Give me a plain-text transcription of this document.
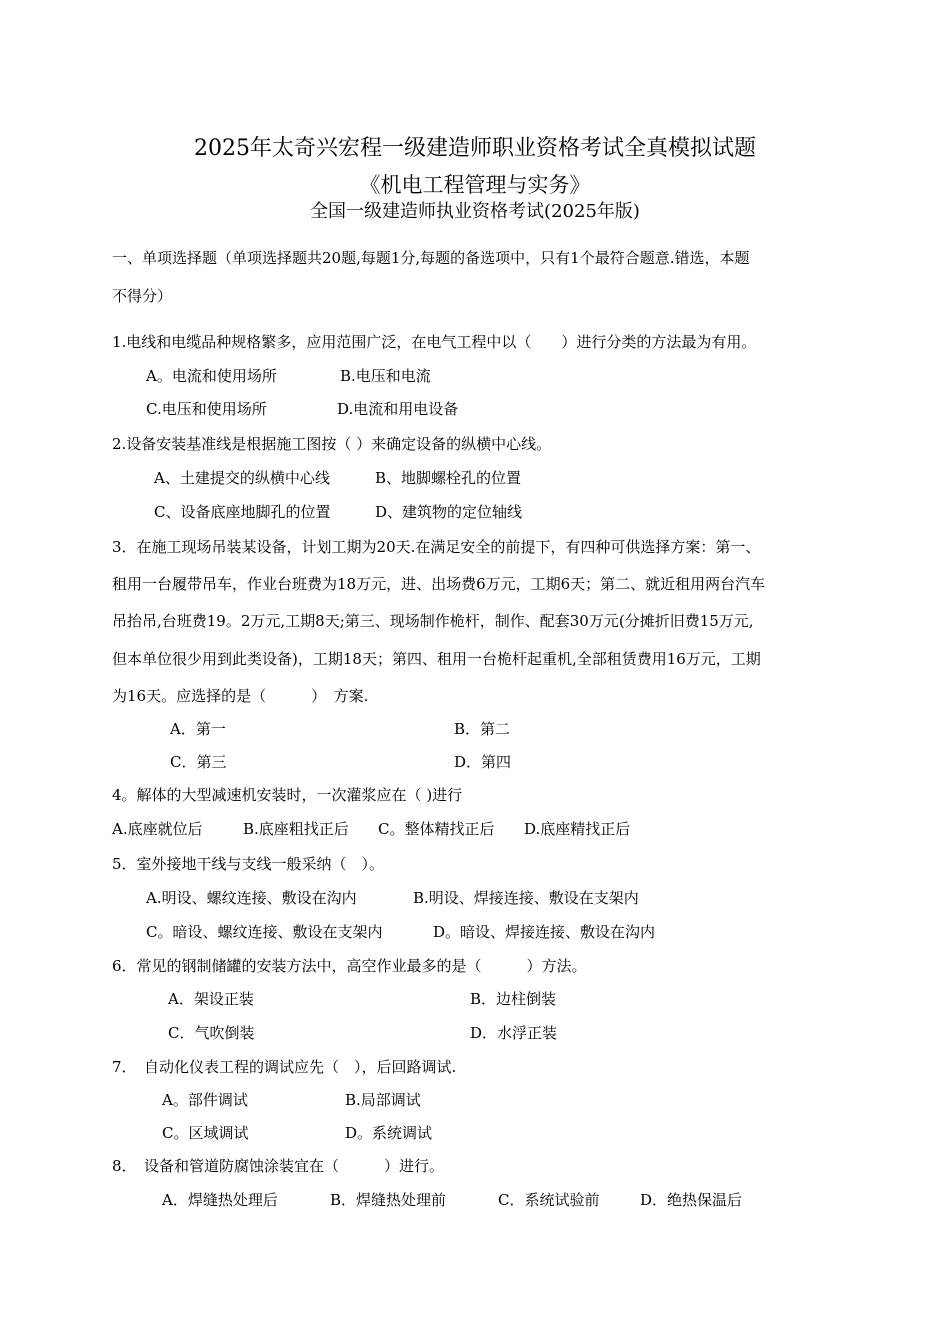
2025年太奇兴宏程一级建造师职业资格考试全真模拟试题
《机电工程管理与实务》
全国一级建造师执业资格考试(2025年版)
一、单项选择题（单项选择题共20题,每题1分,每题的备选项中，只有1个最符合题意.错选，本题
不得分）
1.电线和电缆品种规格繁多，应用范围广泛，在电气工程中以（　　）进行分类的方法最为有用。
A。电流和使用场所	B.电压和电流
C.电压和使用场所	D.电流和用电设备
2.设备安装基准线是根据施工图按（ ）来确定设备的纵横中心线。
A、土建提交的纵横中心线	B、地脚螺栓孔的位置
C、设备底座地脚孔的位置	D、建筑物的定位轴线
3．在施工现场吊装某设备，计划工期为20天.在满足安全的前提下，有四种可供选择方案：第一、
租用一台履带吊车，作业台班费为18万元，进、出场费6万元，工期6天；第二、就近租用两台汽车
吊抬吊,台班费19。2万元,工期8天;第三、现场制作桅杆，制作、配套30万元(分摊折旧费15万元,
但本单位很少用到此类设备)，工期18天；第四、租用一台桅杆起重机,全部租赁费用16万元，工期
为16天。应选择的是（　　　）　方案.
A．第一	B．第二
C．第三	D．第四
4。解体的大型减速机安装时，一次灌浆应在（ )进行
A.底座就位后	B.底座粗找正后 C。整体精找正后 D.底座精找正后
5．室外接地干线与支线一般采纳（　）。
A.明设、螺纹连接、敷设在沟内	B.明设、焊接连接、敷设在支架内
C。暗设、螺纹连接、敷设在支架内	D。暗设、焊接连接、敷设在沟内
6．常见的钢制储罐的安装方法中，高空作业最多的是（　　　）方法。
A．架设正装	B．边柱倒装
C．气吹倒装	D．水浮正装
7．　自动化仪表工程的调试应先（　），后回路调试.
A。部件调试	B.局部调试
C。区域调试	D。系统调试
8．　设备和管道防腐蚀涂装宜在（　　　）进行。
A．焊缝热处理后	B．焊缝热处理前	C．系统试验前	D．绝热保温后
